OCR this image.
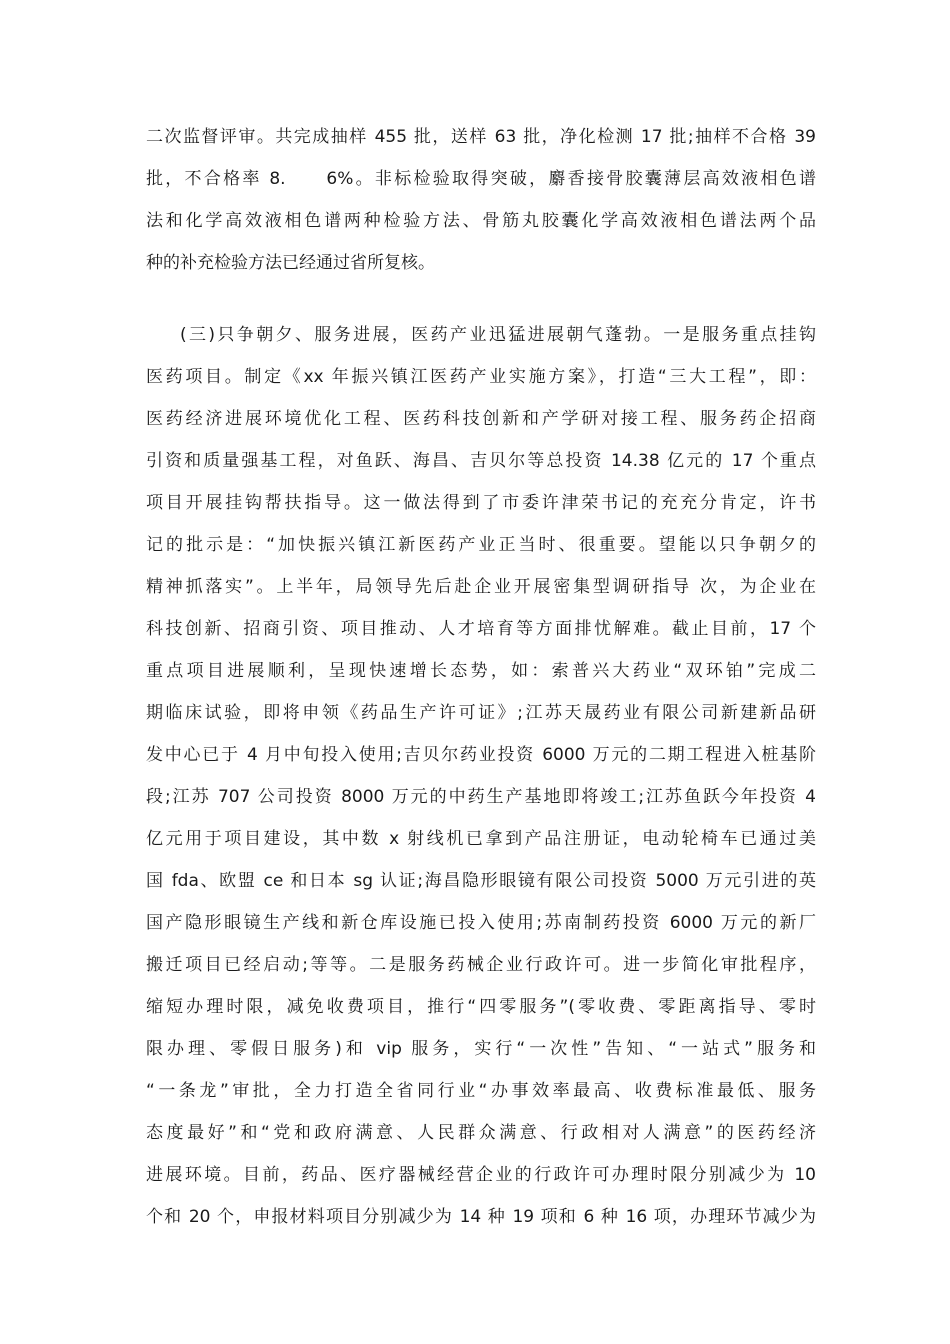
二次监督评审。共完成抽样 455 批，送样 63 批，净化检测 17 批;抽样不合格 39
批，不合格率 8.　　6%。非标检验取得突破，麝香接骨胶囊薄层高效液相色谱
法和化学高效液相色谱两种检验方法、骨筋丸胶囊化学高效液相色谱法两个品
种的补充检验方法已经通过省所复核。
(三)只争朝夕、服务进展，医药产业迅猛进展朝气蓬勃。一是服务重点挂钩
医药项目。制定《xx 年振兴镇江医药产业实施方案》，打造“三大工程”，即：
医药经济进展环境优化工程、医药科技创新和产学研对接工程、服务药企招商
引资和质量强基工程，对鱼跃、海昌、吉贝尔等总投资 14.38 亿元的 17 个重点
项目开展挂钩帮扶指导。这一做法得到了市委许津荣书记的充充分肯定，许书
记的批示是：“加快振兴镇江新医药产业正当时、很重要。望能以只争朝夕的
精神抓落实”。上半年，局领导先后赴企业开展密集型调研指导 次，为企业在
科技创新、招商引资、项目推动、人才培育等方面排忧解难。截止目前，17 个
重点项目进展顺利，呈现快速增长态势，如：索普兴大药业“双环铂”完成二
期临床试验，即将申领《药品生产许可证》;江苏天晟药业有限公司新建新品研
发中心已于 4 月中旬投入使用;吉贝尔药业投资 6000 万元的二期工程进入桩基阶
段;江苏 707 公司投资 8000 万元的中药生产基地即将竣工;江苏鱼跃今年投资 4
亿元用于项目建设，其中数 x 射线机已拿到产品注册证，电动轮椅车已通过美
国 fda、欧盟 ce 和日本 sg 认证;海昌隐形眼镜有限公司投资 5000 万元引进的英
国产隐形眼镜生产线和新仓库设施已投入使用;苏南制药投资 6000 万元的新厂
搬迁项目已经启动;等等。二是服务药械企业行政许可。进一步简化审批程序，
缩短办理时限，减免收费项目，推行“四零服务”(零收费、零距离指导、零时
限办理、零假日服务)和 vip 服务，实行“一次性”告知、“一站式”服务和
“一条龙”审批，全力打造全省同行业“办事效率最高、收费标准最低、服务
态度最好”和“党和政府满意、人民群众满意、行政相对人满意”的医药经济
进展环境。目前，药品、医疗器械经营企业的行政许可办理时限分别减少为 10
个和 20 个，申报材料项目分别减少为 14 种 19 项和 6 种 16 项，办理环节减少为
